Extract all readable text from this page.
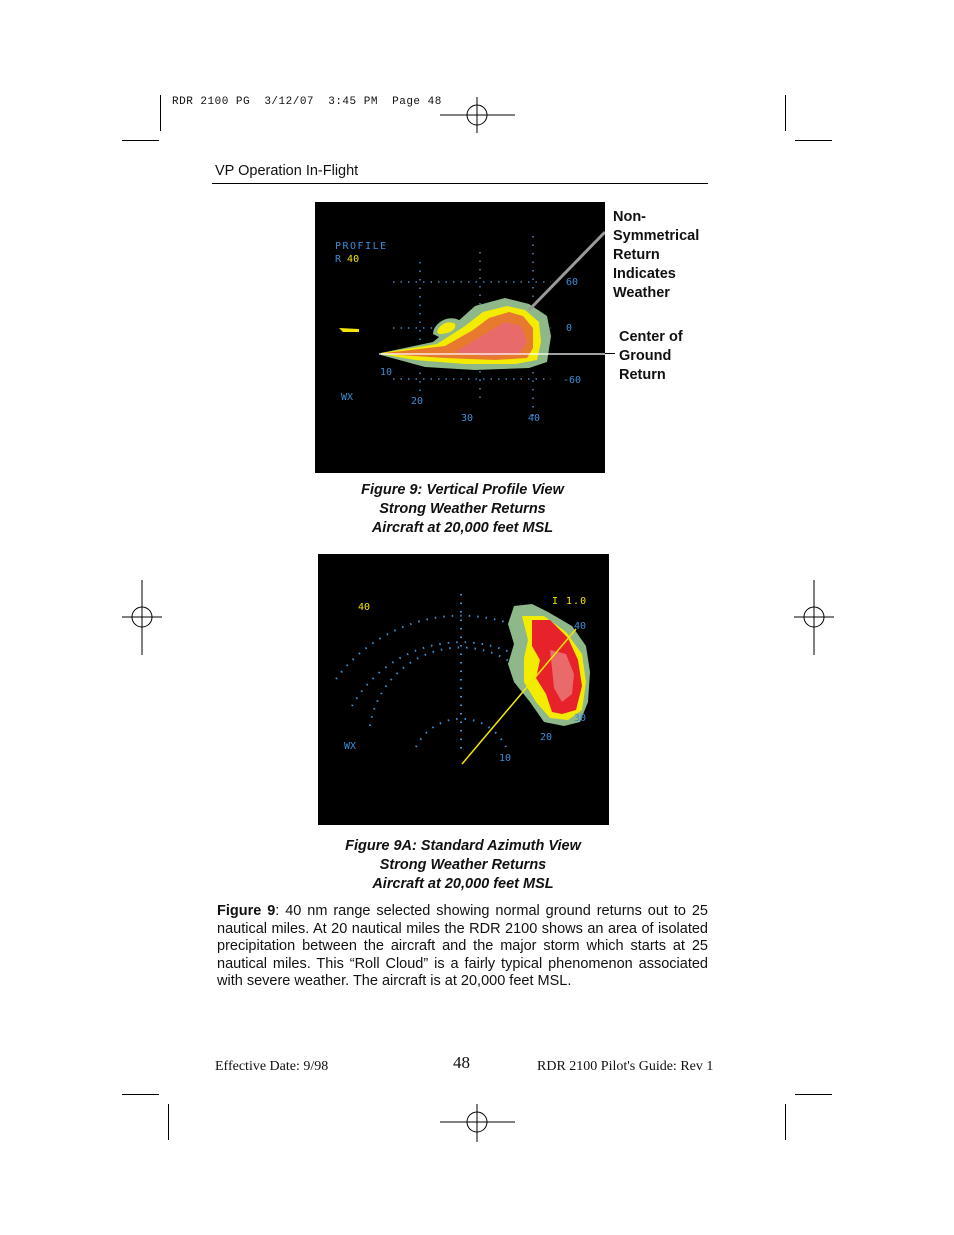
RDR 2100 PG  3/12/07  3:45 PM  Page 48
VP Operation In-Flight
PROFILE
R 40
60
0
-60
10
20
30	40
WX
Non-
Symmetrical
Return
Indicates
Weather
Center of
Ground
Return
Figure 9: Vertical Profile View
Strong Weather Returns
Aircraft at 20,000 feet MSL
40
I 1.0
40
30
20
10
WX
Figure 9A: Standard Azimuth View
Strong Weather Returns
Aircraft at 20,000 feet MSL
Figure 9: 40 nm range selected showing normal ground returns out to 25 nautical miles. At 20 nautical miles the RDR 2100 shows an area of isolated precipitation between the aircraft and the major storm which starts at 25 nautical miles. This “Roll Cloud” is a fairly typical phenomenon associated with severe weather. The aircraft is at 20,000 feet MSL.
Effective Date: 9/98	48	RDR 2100 Pilot's Guide: Rev 1
